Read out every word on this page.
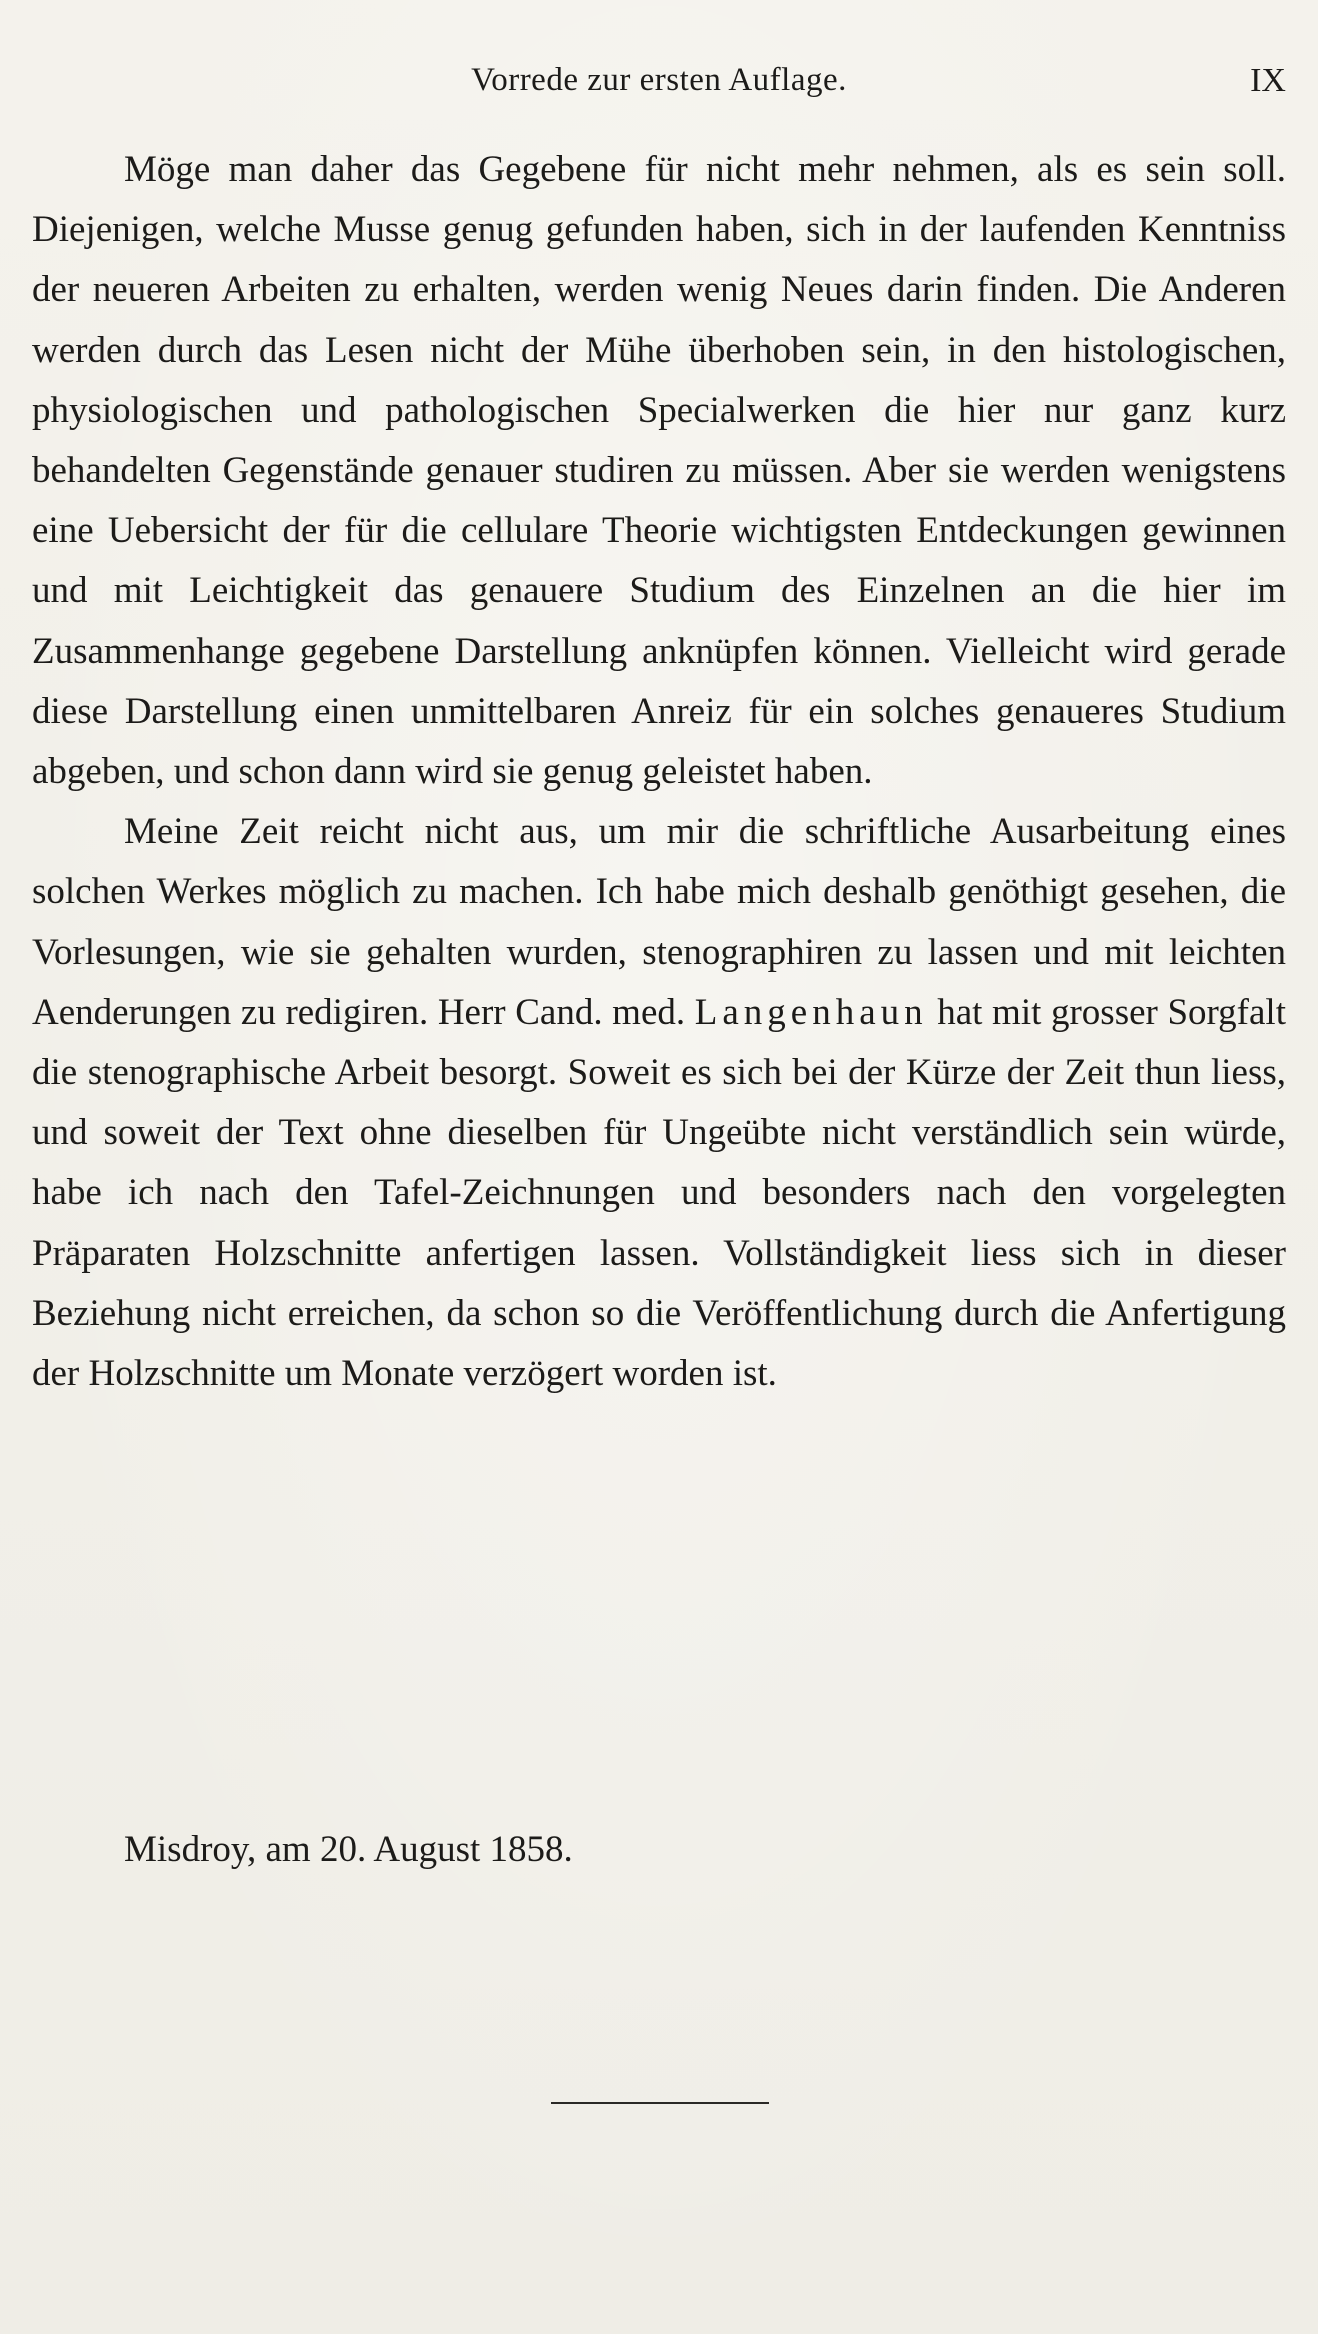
Vorrede zur ersten Auflage.	IX

Möge man daher das Gegebene für nicht mehr nehmen, als es sein soll. Diejenigen, welche Musse genug gefunden haben, sich in der laufenden Kenntniss der neueren Arbeiten zu erhalten, werden wenig Neues darin finden. Die Anderen werden durch das Lesen nicht der Mühe überhoben sein, in den histologischen, physiologischen und pathologischen Specialwerken die hier nur ganz kurz behandelten Gegenstände genauer studiren zu müssen. Aber sie werden wenigstens eine Uebersicht der für die cellulare Theorie wichtigsten Entdeckungen gewinnen und mit Leichtigkeit das genauere Studium des Einzelnen an die hier im Zusammenhange gegebene Darstellung anknüpfen können. Vielleicht wird gerade diese Darstellung einen unmittelbaren Anreiz für ein solches genaueres Studium abgeben, und schon dann wird sie genug geleistet haben.

Meine Zeit reicht nicht aus, um mir die schriftliche Ausarbeitung eines solchen Werkes möglich zu machen. Ich habe mich deshalb genöthigt gesehen, die Vorlesungen, wie sie gehalten wurden, stenographiren zu lassen und mit leichten Aenderungen zu redigiren. Herr Cand. med. Langenhaun hat mit grosser Sorgfalt die stenographische Arbeit besorgt. Soweit es sich bei der Kürze der Zeit thun liess, und soweit der Text ohne dieselben für Ungeübte nicht verständlich sein würde, habe ich nach den Tafel-Zeichnungen und besonders nach den vorgelegten Präparaten Holzschnitte anfertigen lassen. Vollständigkeit liess sich in dieser Beziehung nicht erreichen, da schon so die Veröffentlichung durch die Anfertigung der Holzschnitte um Monate verzögert worden ist.

Misdroy, am 20. August 1858.
